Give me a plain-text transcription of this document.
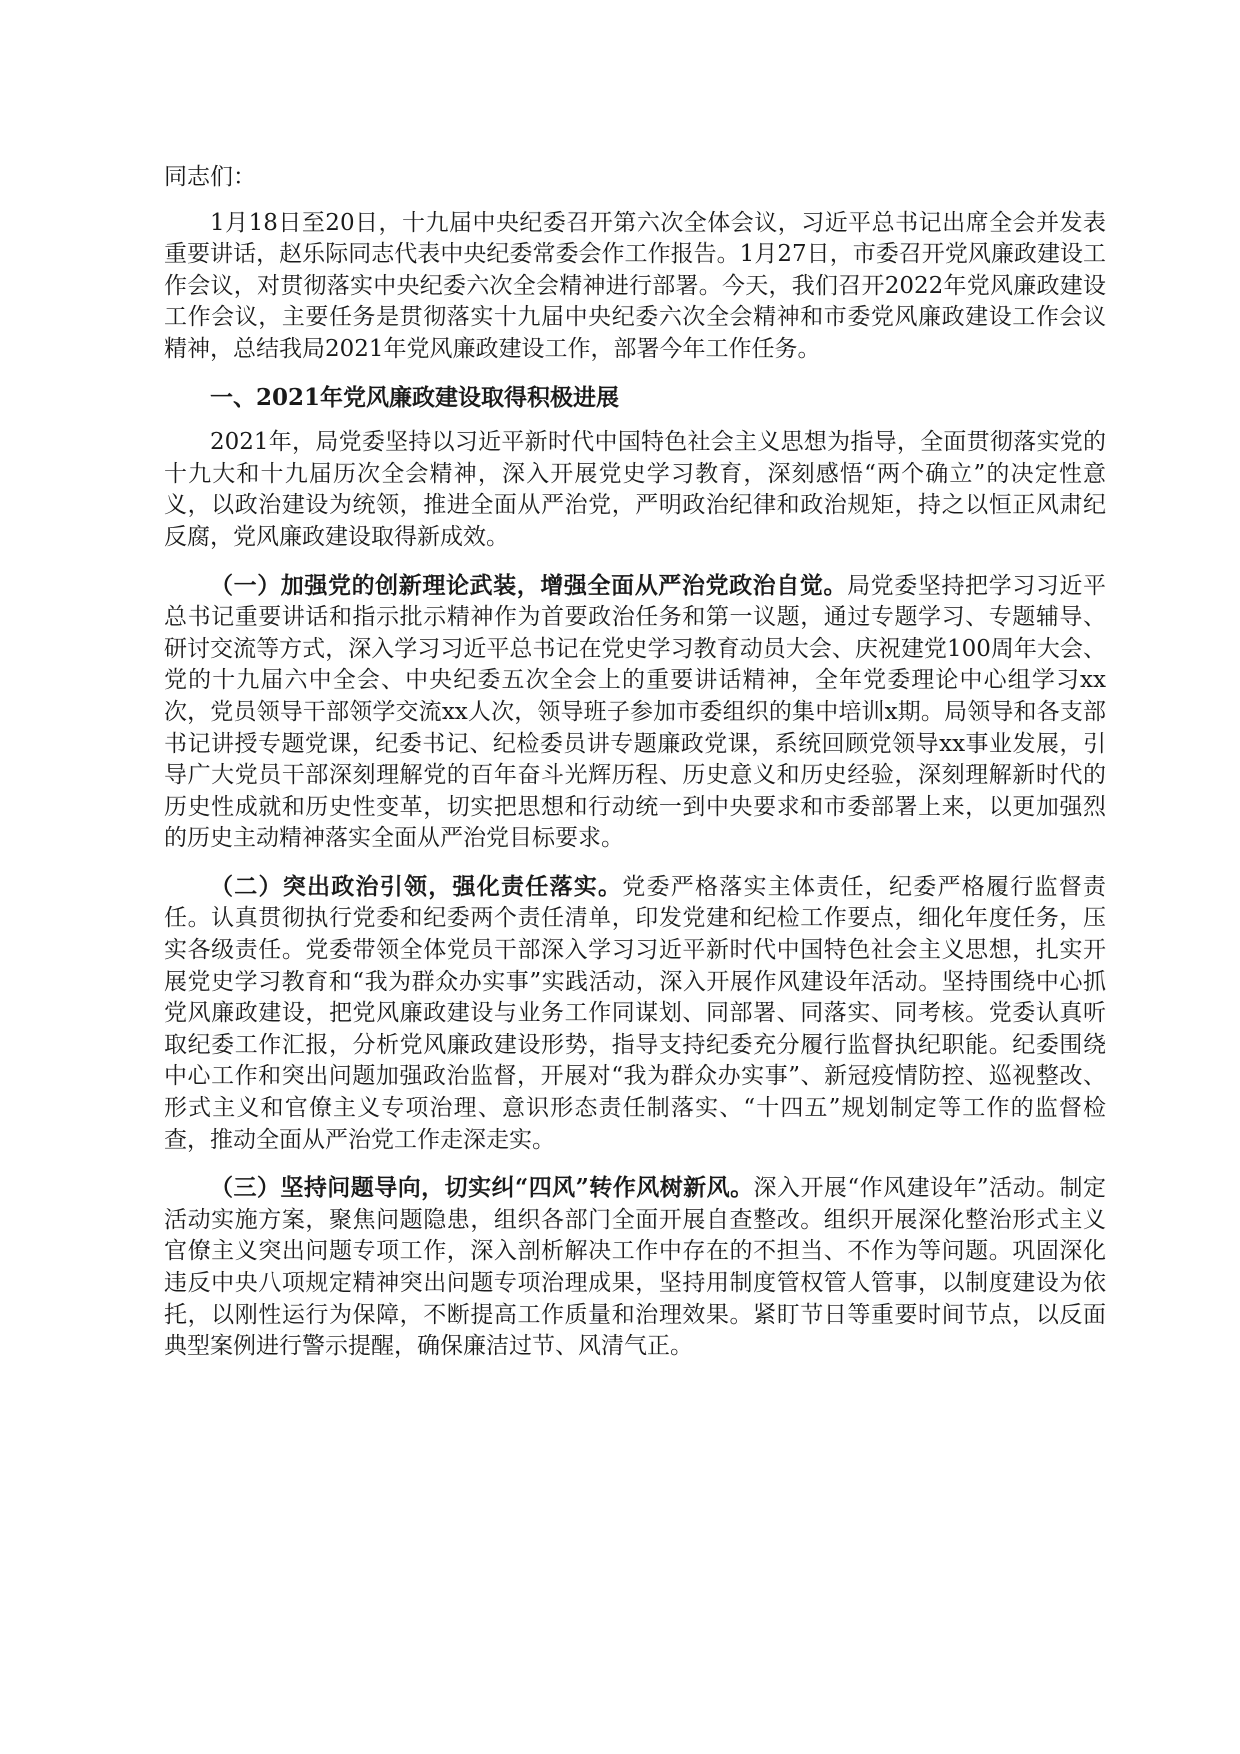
同志们：

1月18日至20日，十九届中央纪委召开第六次全体会议，习近平总书记出席全会并发表重要讲话，赵乐际同志代表中央纪委常委会作工作报告。1月27日，市委召开党风廉政建设工作会议，对贯彻落实中央纪委六次全会精神进行部署。今天，我们召开2022年党风廉政建设工作会议，主要任务是贯彻落实十九届中央纪委六次全会精神和市委党风廉政建设工作会议精神，总结我局2021年党风廉政建设工作，部署今年工作任务。

一、2021年党风廉政建设取得积极进展

2021年，局党委坚持以习近平新时代中国特色社会主义思想为指导，全面贯彻落实党的十九大和十九届历次全会精神，深入开展党史学习教育，深刻感悟“两个确立”的决定性意义，以政治建设为统领，推进全面从严治党，严明政治纪律和政治规矩，持之以恒正风肃纪反腐，党风廉政建设取得新成效。

（一）加强党的创新理论武装，增强全面从严治党政治自觉。局党委坚持把学习习近平总书记重要讲话和指示批示精神作为首要政治任务和第一议题，通过专题学习、专题辅导、研讨交流等方式，深入学习习近平总书记在党史学习教育动员大会、庆祝建党100周年大会、党的十九届六中全会、中央纪委五次全会上的重要讲话精神，全年党委理论中心组学习xx次，党员领导干部领学交流xx人次，领导班子参加市委组织的集中培训x期。局领导和各支部书记讲授专题党课，纪委书记、纪检委员讲专题廉政党课，系统回顾党领导xx事业发展，引导广大党员干部深刻理解党的百年奋斗光辉历程、历史意义和历史经验，深刻理解新时代的历史性成就和历史性变革，切实把思想和行动统一到中央要求和市委部署上来，以更加强烈的历史主动精神落实全面从严治党目标要求。

（二）突出政治引领，强化责任落实。党委严格落实主体责任，纪委严格履行监督责任。认真贯彻执行党委和纪委两个责任清单，印发党建和纪检工作要点，细化年度任务，压实各级责任。党委带领全体党员干部深入学习习近平新时代中国特色社会主义思想，扎实开展党史学习教育和“我为群众办实事”实践活动，深入开展作风建设年活动。坚持围绕中心抓党风廉政建设，把党风廉政建设与业务工作同谋划、同部署、同落实、同考核。党委认真听取纪委工作汇报，分析党风廉政建设形势，指导支持纪委充分履行监督执纪职能。纪委围绕中心工作和突出问题加强政治监督，开展对“我为群众办实事”、新冠疫情防控、巡视整改、形式主义和官僚主义专项治理、意识形态责任制落实、“十四五”规划制定等工作的监督检查，推动全面从严治党工作走深走实。

（三）坚持问题导向，切实纠“四风”转作风树新风。深入开展“作风建设年”活动。制定活动实施方案，聚焦问题隐患，组织各部门全面开展自查整改。组织开展深化整治形式主义官僚主义突出问题专项工作，深入剖析解决工作中存在的不担当、不作为等问题。巩固深化违反中央八项规定精神突出问题专项治理成果，坚持用制度管权管人管事，以制度建设为依托，以刚性运行为保障，不断提高工作质量和治理效果。紧盯节日等重要时间节点，以反面典型案例进行警示提醒，确保廉洁过节、风清气正。
